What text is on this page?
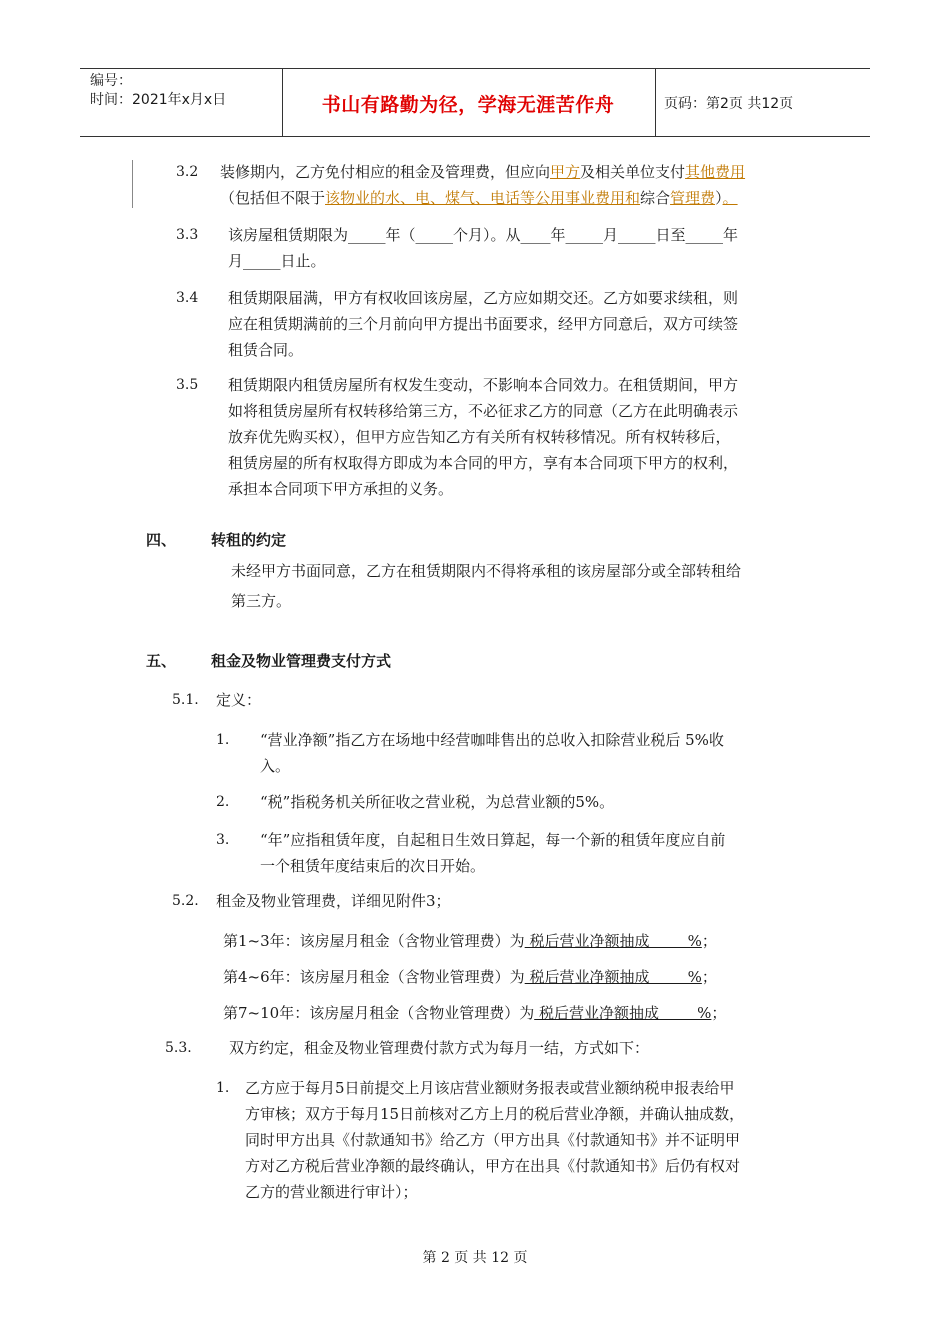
编号：
时间：2021年x月x日	书山有路勤为径，学海无涯苦作舟	页码：第2页 共12页
3.2 装修期内，乙方免付相应的租金及管理费，但应向甲方及相关单位支付其他费用
（包括但不限于该物业的水、电、煤气、电话等公用事业费用和综合管理费）。
3.3 该房屋租赁期限为_____年（_____个月）。从____年_____月_____日至_____年
月_____日止。
3.4 租赁期限届满，甲方有权收回该房屋，乙方应如期交还。乙方如要求续租，则
应在租赁期满前的三个月前向甲方提出书面要求，经甲方同意后，双方可续签
租赁合同。
3.5 租赁期限内租赁房屋所有权发生变动，不影响本合同效力。在租赁期间，甲方
如将租赁房屋所有权转移给第三方，不必征求乙方的同意（乙方在此明确表示
放弃优先购买权），但甲方应告知乙方有关所有权转移情况。所有权转移后，
租赁房屋的所有权取得方即成为本合同的甲方，享有本合同项下甲方的权利，
承担本合同项下甲方承担的义务。
四、 转租的约定
未经甲方书面同意，乙方在租赁期限内不得将承租的该房屋部分或全部转租给
第三方。
五、 租金及物业管理费支付方式
5.1. 定义：
1. “营业净额”指乙方在场地中经营咖啡售出的总收入扣除营业税后 5%收
入。
2. “税”指税务机关所征收之营业税，为总营业额的5%。
3. “年”应指租赁年度，自起租日生效日算起，每一个新的租赁年度应自前
一个租赁年度结束后的次日开始。
5.2. 租金及物业管理费，详细见附件3；
第1~3年：该房屋月租金（含物业管理费）为 税后营业净额抽成        %；
第4~6年：该房屋月租金（含物业管理费）为 税后营业净额抽成        %；
第7~10年：该房屋月租金（含物业管理费）为 税后营业净额抽成        %；
5.3. 双方约定，租金及物业管理费付款方式为每月一结，方式如下：
1. 乙方应于每月5日前提交上月该店营业额财务报表或营业额纳税申报表给甲
方审核；双方于每月15日前核对乙方上月的税后营业净额，并确认抽成数，
同时甲方出具《付款通知书》给乙方（甲方出具《付款通知书》并不证明甲
方对乙方税后营业净额的最终确认，甲方在出具《付款通知书》后仍有权对
乙方的营业额进行审计）；
第 2 页 共 12 页
